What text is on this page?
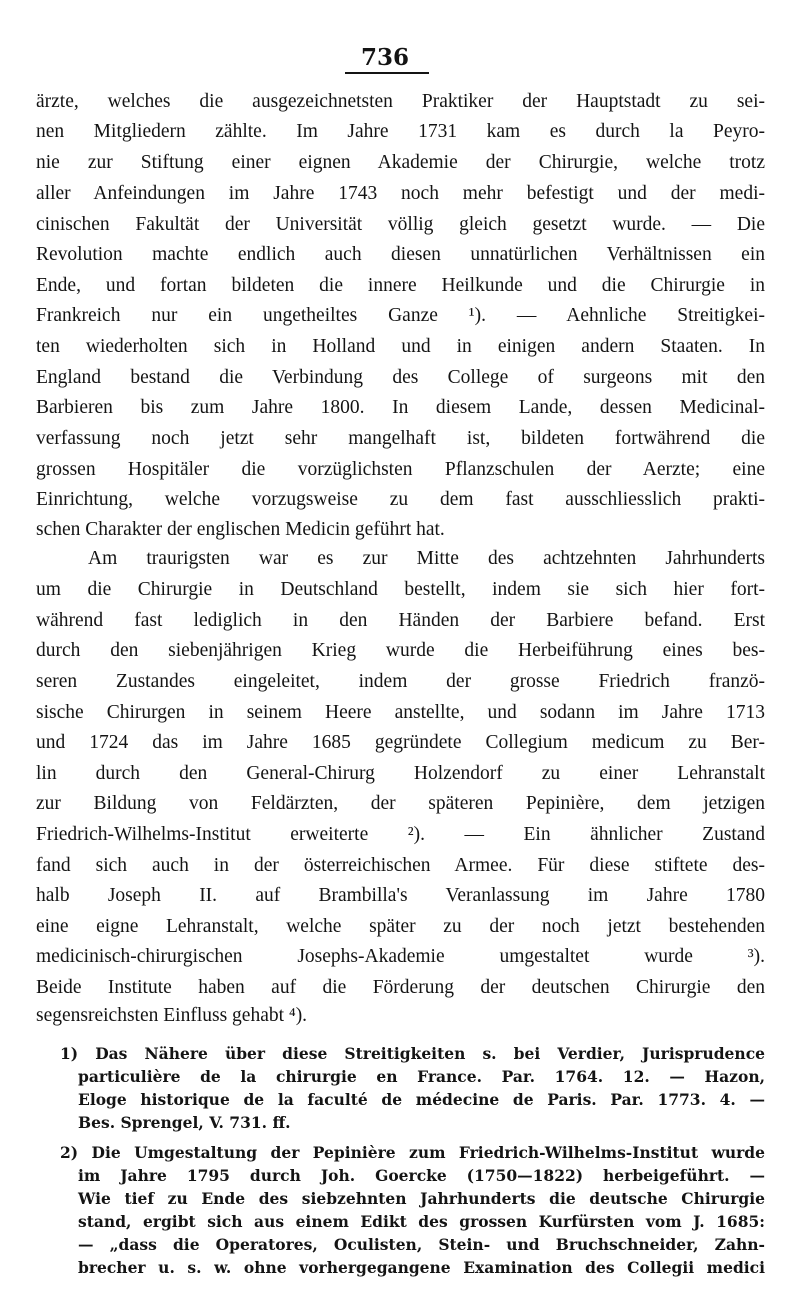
736
ärzte, welches die ausgezeichnetsten Praktiker der Hauptstadt zu sei-
nen Mitgliedern zählte. Im Jahre 1731 kam es durch la Peyro-
nie zur Stiftung einer eignen Akademie der Chirurgie, welche trotz
aller Anfeindungen im Jahre 1743 noch mehr befestigt und der medi-
cinischen Fakultät der Universität völlig gleich gesetzt wurde. — Die
Revolution machte endlich auch diesen unnatürlichen Verhältnissen ein
Ende, und fortan bildeten die innere Heilkunde und die Chirurgie in
Frankreich nur ein ungetheiltes Ganze ¹). — Aehnliche Streitigkei-
ten wiederholten sich in Holland und in einigen andern Staaten. In
England bestand die Verbindung des College of surgeons mit den
Barbieren bis zum Jahre 1800. In diesem Lande, dessen Medicinal-
verfassung noch jetzt sehr mangelhaft ist, bildeten fortwährend die
grossen Hospitäler die vorzüglichsten Pflanzschulen der Aerzte; eine
Einrichtung, welche vorzugsweise zu dem fast ausschliesslich prakti-
schen Charakter der englischen Medicin geführt hat.
Am traurigsten war es zur Mitte des achtzehnten Jahrhunderts
um die Chirurgie in Deutschland bestellt, indem sie sich hier fort-
während fast lediglich in den Händen der Barbiere befand. Erst
durch den siebenjährigen Krieg wurde die Herbeiführung eines bes-
seren Zustandes eingeleitet, indem der grosse Friedrich franzö-
sische Chirurgen in seinem Heere anstellte, und sodann im Jahre 1713
und 1724 das im Jahre 1685 gegründete Collegium medicum zu Ber-
lin durch den General-Chirurg Holzendorf zu einer Lehranstalt
zur Bildung von Feldärzten, der späteren Pepinière, dem jetzigen
Friedrich-Wilhelms-Institut erweiterte ²). — Ein ähnlicher Zustand
fand sich auch in der österreichischen Armee. Für diese stiftete des-
halb Joseph II. auf Brambilla's Veranlassung im Jahre 1780
eine eigne Lehranstalt, welche später zu der noch jetzt bestehenden
medicinisch-chirurgischen Josephs-Akademie umgestaltet wurde ³).
Beide Institute haben auf die Förderung der deutschen Chirurgie den
segensreichsten Einfluss gehabt ⁴).
1) Das Nähere über diese Streitigkeiten s. bei Verdier, Jurisprudence
particulière de la chirurgie en France. Par. 1764. 12. — Hazon,
Eloge historique de la faculté de médecine de Paris. Par. 1773. 4. —
Bes. Sprengel, V. 731. ff.
2) Die Umgestaltung der Pepinière zum Friedrich-Wilhelms-Institut wurde
im Jahre 1795 durch Joh. Goercke (1750—1822) herbeigeführt. —
Wie tief zu Ende des siebzehnten Jahrhunderts die deutsche Chirurgie
stand, ergibt sich aus einem Edikt des grossen Kurfürsten vom J. 1685:
— „dass die Operatores, Oculisten, Stein- und Bruchschneider, Zahn-
brecher u. s. w. ohne vorhergegangene Examination des Collegii medici
